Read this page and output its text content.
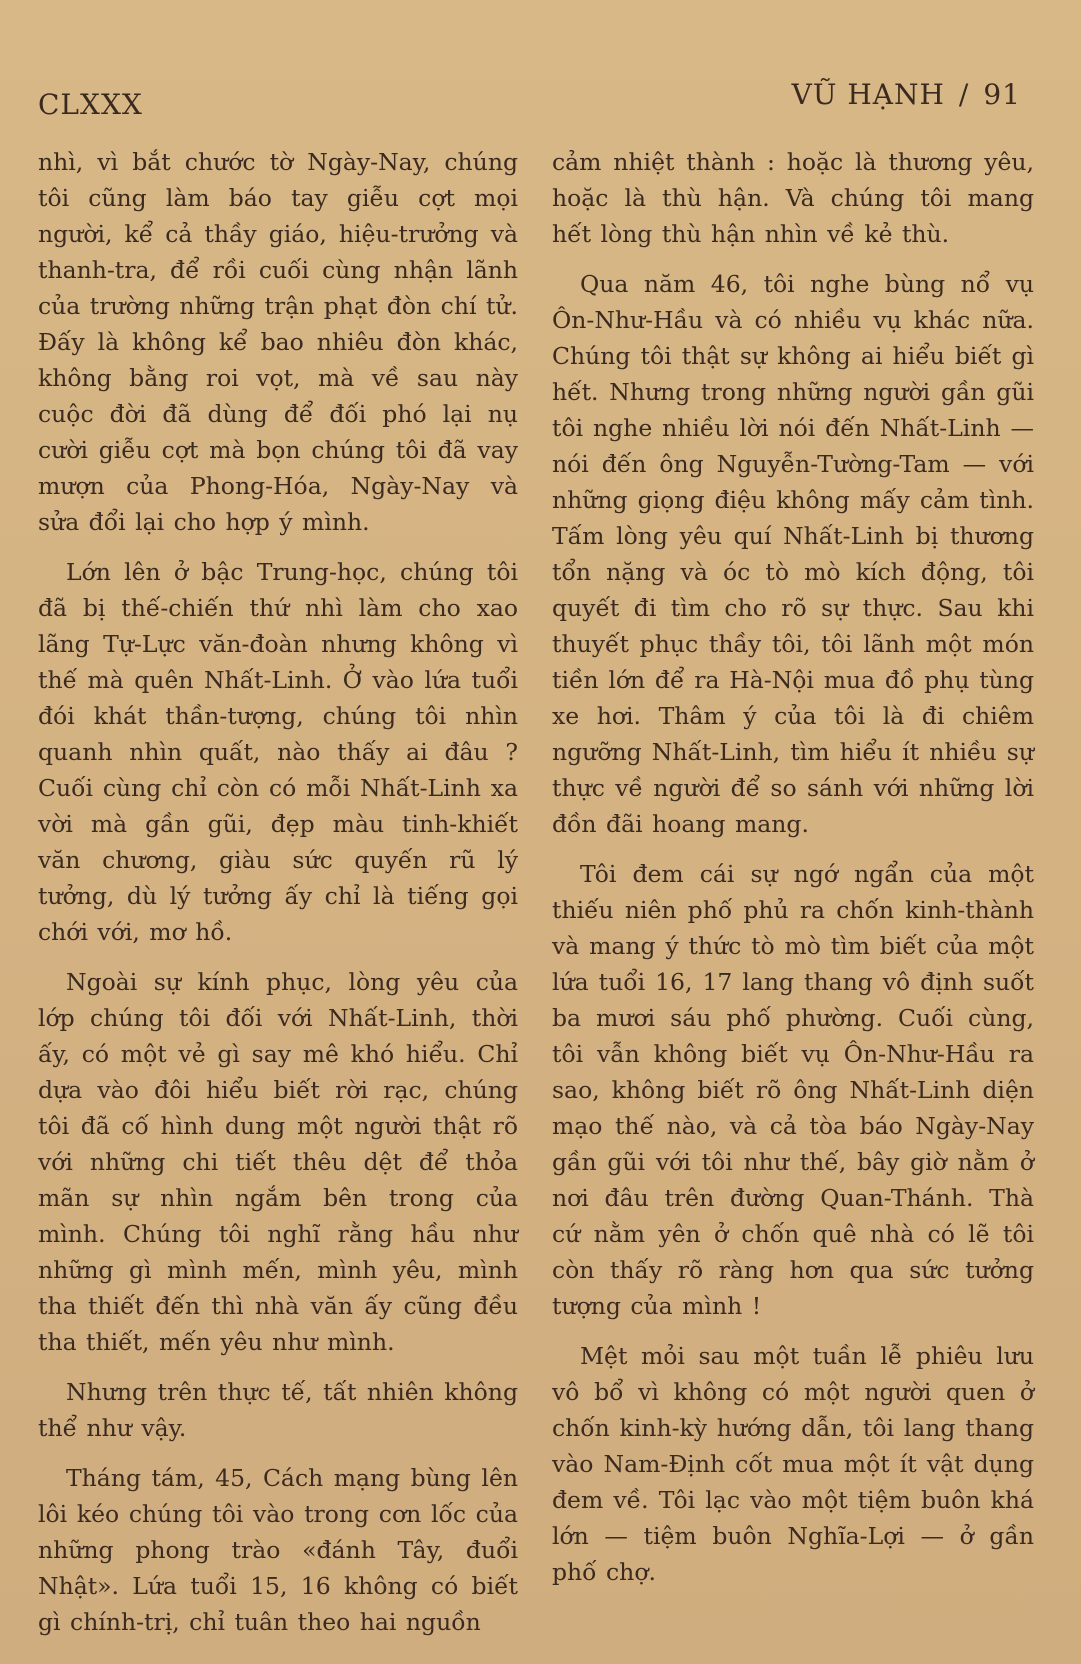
CLXXX	VŨ HẠNH / 91

nhì, vì bắt chước tờ Ngày-Nay, chúng tôi cũng làm báo tay giễu cợt mọi người, kể cả thầy giáo, hiệu-trưởng và thanh-tra, để rồi cuối cùng nhận lãnh của trường những trận phạt đòn chí tử. Đấy là không kể bao nhiêu đòn khác, không bằng roi vọt, mà về sau này cuộc đời đã dùng để đối phó lại nụ cười giễu cợt mà bọn chúng tôi đã vay mượn của Phong-Hóa, Ngày-Nay và sửa đổi lại cho hợp ý mình.

Lớn lên ở bậc Trung-học, chúng tôi đã bị thế-chiến thứ nhì làm cho xao lãng Tự-Lực văn-đoàn nhưng không vì thế mà quên Nhất-Linh. Ở vào lứa tuổi đói khát thần-tượng, chúng tôi nhìn quanh nhìn quất, nào thấy ai đâu ? Cuối cùng chỉ còn có mỗi Nhất-Linh xa vời mà gần gũi, đẹp màu tinh-khiết văn chương, giàu sức quyến rũ lý tưởng, dù lý tưởng ấy chỉ là tiếng gọi chới với, mơ hồ.

Ngoài sự kính phục, lòng yêu của lớp chúng tôi đối với Nhất-Linh, thời ấy, có một vẻ gì say mê khó hiểu. Chỉ dựa vào đôi hiểu biết rời rạc, chúng tôi đã cố hình dung một người thật rõ với những chi tiết thêu dệt để thỏa mãn sự nhìn ngắm bên trong của mình. Chúng tôi nghĩ rằng hầu như những gì mình mến, mình yêu, mình tha thiết đến thì nhà văn ấy cũng đều tha thiết, mến yêu như mình.

Nhưng trên thực tế, tất nhiên không thể như vậy.

Tháng tám, 45, Cách mạng bùng lên lôi kéo chúng tôi vào trong cơn lốc của những phong trào «đánh Tây, đuổi Nhật». Lứa tuổi 15, 16 không có biết gì chính-trị, chỉ tuân theo hai nguồn

cảm nhiệt thành : hoặc là thương yêu, hoặc là thù hận. Và chúng tôi mang hết lòng thù hận nhìn về kẻ thù.

Qua năm 46, tôi nghe bùng nổ vụ Ôn-Như-Hầu và có nhiều vụ khác nữa. Chúng tôi thật sự không ai hiểu biết gì hết. Nhưng trong những người gần gũi tôi nghe nhiều lời nói đến Nhất-Linh — nói đến ông Nguyễn-Tường-Tam — với những giọng điệu không mấy cảm tình. Tấm lòng yêu quí Nhất-Linh bị thương tổn nặng và óc tò mò kích động, tôi quyết đi tìm cho rõ sự thực. Sau khi thuyết phục thầy tôi, tôi lãnh một món tiền lớn để ra Hà-Nội mua đồ phụ tùng xe hơi. Thâm ý của tôi là đi chiêm ngưỡng Nhất-Linh, tìm hiểu ít nhiều sự thực về người để so sánh với những lời đồn đãi hoang mang.

Tôi đem cái sự ngớ ngẩn của một thiếu niên phố phủ ra chốn kinh-thành và mang ý thức tò mò tìm biết của một lứa tuổi 16, 17 lang thang vô định suốt ba mươi sáu phố phường. Cuối cùng, tôi vẫn không biết vụ Ôn-Như-Hầu ra sao, không biết rõ ông Nhất-Linh diện mạo thế nào, và cả tòa báo Ngày-Nay gần gũi với tôi như thế, bây giờ nằm ở nơi đâu trên đường Quan-Thánh. Thà cứ nằm yên ở chốn quê nhà có lẽ tôi còn thấy rõ ràng hơn qua sức tưởng tượng của mình !

Mệt mỏi sau một tuần lễ phiêu lưu vô bổ vì không có một người quen ở chốn kinh-kỳ hướng dẫn, tôi lang thang vào Nam-Định cốt mua một ít vật dụng đem về. Tôi lạc vào một tiệm buôn khá lớn — tiệm buôn Nghĩa-Lợi — ở gần phố chợ.
